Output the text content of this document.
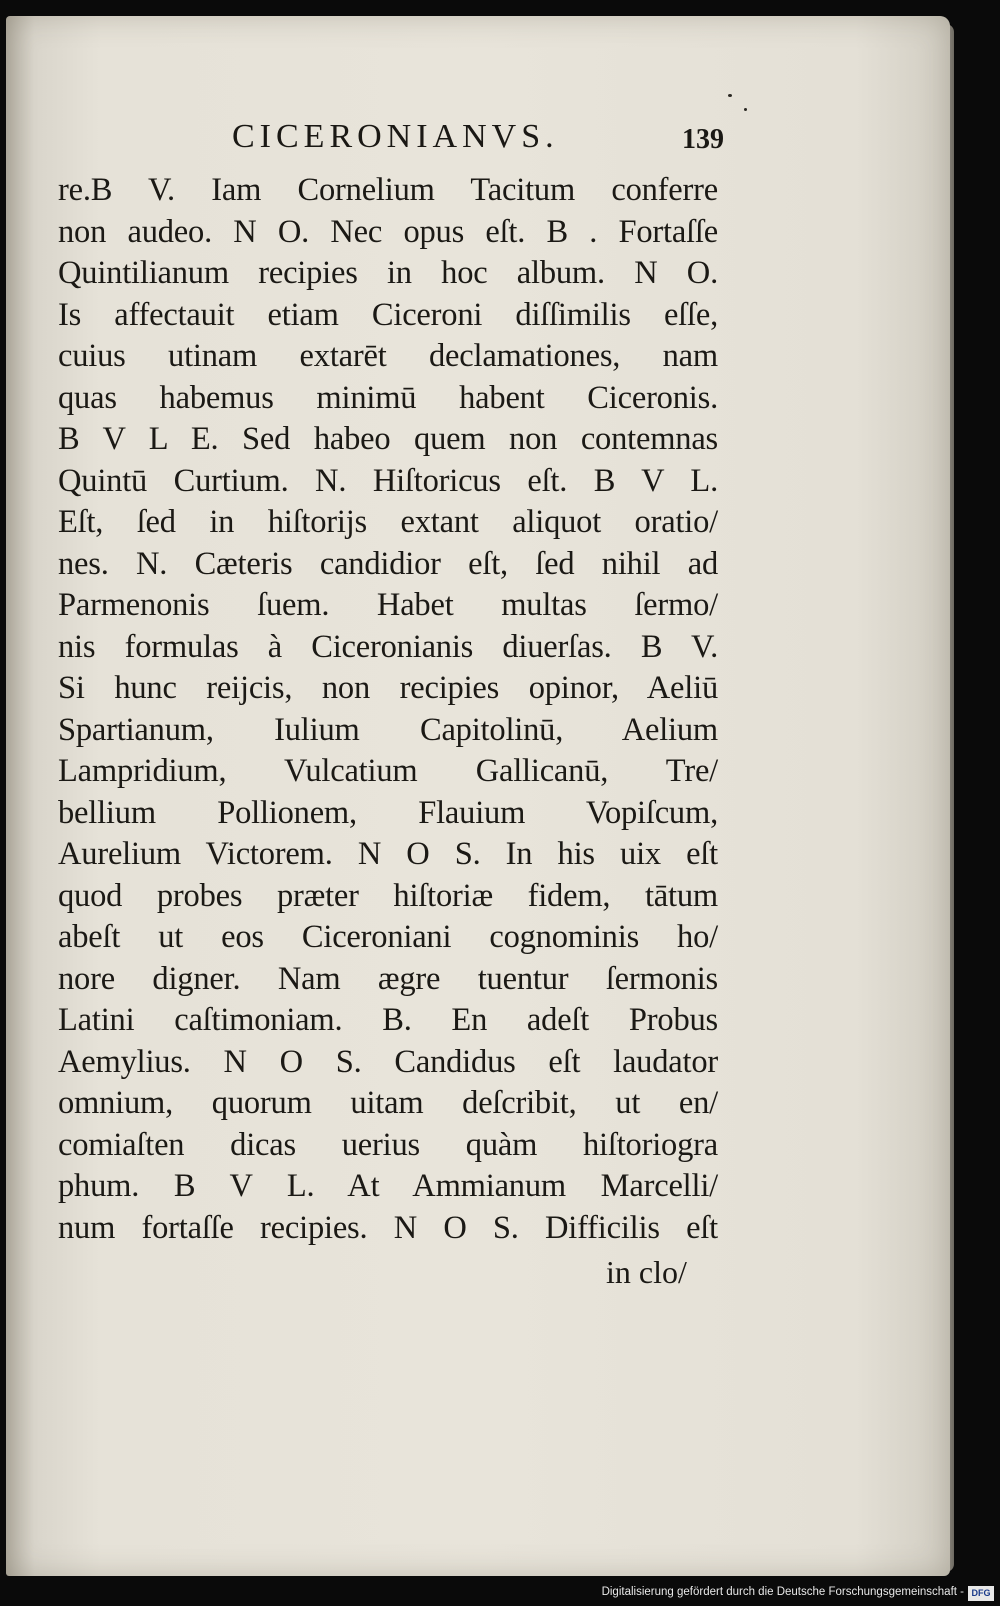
CICERONIANVS.	139
re.B V. Iam Cornelium Tacitum conferre
non audeo. N O. Nec opus eſt. B . Fortaſſe
Quintilianum recipies in hoc album. N O.
Is affectauit etiam Ciceroni diſſimilis eſſe,
cuius utinam extarēt declamationes, nam
quas habemus minimū habent Ciceronis.
B V L E. Sed habeo quem non contemnas
Quintū Curtium. N. Hiſtoricus eſt. B V L.
Eſt, ſed in hiſtorijs extant aliquot oratio/
nes. N. Cæteris candidior eſt, ſed nihil ad
Parmenonis ſuem. Habet multas ſermo/
nis formulas à Ciceronianis diuerſas. B V.
Si hunc reijcis, non recipies opinor, Aeliū
Spartianum, Iulium Capitolinū, Aelium
Lampridium, Vulcatium Gallicanū, Tre/
bellium Pollionem, Flauium Vopiſcum,
Aurelium Victorem. N O S. In his uix eſt
quod probes præter hiſtoriæ fidem, tātum
abeſt ut eos Ciceroniani cognominis ho/
nore digner. Nam ægre tuentur ſermonis
Latini caſtimoniam. B. En adeſt Probus
Aemylius. N O S. Candidus eſt laudator
omnium, quorum uitam deſcribit, ut en/
comiaſten dicas uerius quàm hiſtoriogra
phum. B V L. At Ammianum Marcelli/
num fortaſſe recipies. N O S. Difficilis eſt
in clo/
Digitalisierung gefördert durch die Deutsche Forschungsgemeinschaft - DFG
